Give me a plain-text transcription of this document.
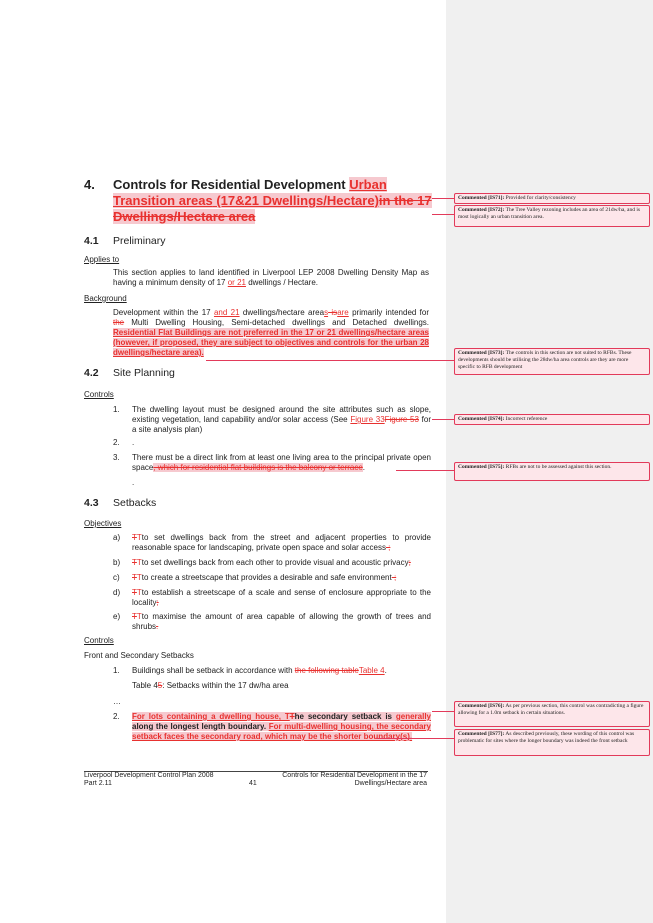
4. Controls for Residential Development Urban Transition areas (17&21 Dwellings/Hectare)in the 17 Dwellings/Hectare area
4.1 Preliminary
Applies to
This section applies to land identified in Liverpool LEP 2008 Dwelling Density Map as having a minimum density of 17 or 21 dwellings / Hectare.
Background
Development within the 17 and 21 dwellings/hectare areas isare primarily intended for the Multi Dwelling Housing, Semi-detached dwellings and Detached dwellings. Residential Flat Buildings are not preferred in the 17 or 21 dwellings/hectare areas (however, if proposed, they are subject to objectives and controls for the urban 28 dwellings/hectare area).
4.2 Site Planning
Controls
1.	The dwelling layout must be designed around the site attributes such as slope, existing vegetation, land capability and/or solar access (See Figure 33Figure 53 for a site analysis plan)
2.	.
3.	There must be a direct link from at least one living area to the principal private open space, which for residential flat buildings is the balcony or terrace.
.
4.3 Setbacks
Objectives
a)	TTto set dwellings back from the street and adjacent properties to provide reasonable space for landscaping, private open space and solar access ;
b)	TTto set dwellings back from each other to provide visual and acoustic privacy;
c)	TTto create a streetscape that provides a desirable and safe environment ;
d)	TTto establish a streetscape of a scale and sense of enclosure appropriate to the locality;
e)	TTto maximise the amount of area capable of allowing the growth of trees and shrubs.
Controls
Front and Secondary Setbacks
1.	Buildings shall be setback in accordance with the following tableTable 4.
Table 45: Setbacks within the 17 dw/ha area
…
2.	For lots containing a dwelling house, TThe secondary setback is generally along the longest length boundary. For multi-dwelling housing, the secondary setback faces the secondary road, which may be the shorter boundary(s).
Liverpool Development Control Plan 2008
Part 2.11	41
Controls for Residential Development in the 17
Dwellings/Hectare area
Commented [IS71]: Provided for clarity/consistency
Commented [IS72]: The Tree Valley rezoning includes an area of 21dw/ha, and is most logically an urban transition area.
Commented [IS73]: The controls in this section are not suited to RFBs. These developments should be utilising the 28dw/ha area controls are they are more specific to RFB development
Commented [IS74]: Incorrect reference
Commented [IS75]: RFBs are not to be assessed against this section.
Commented [IS76]: As per previous section, this control was contradicting a figure allowing for a 1.0m setback in certain situations.
Commented [IS77]: As described previously, these wording of this control was problematic for sites where the longer boundary was indeed the front setback
